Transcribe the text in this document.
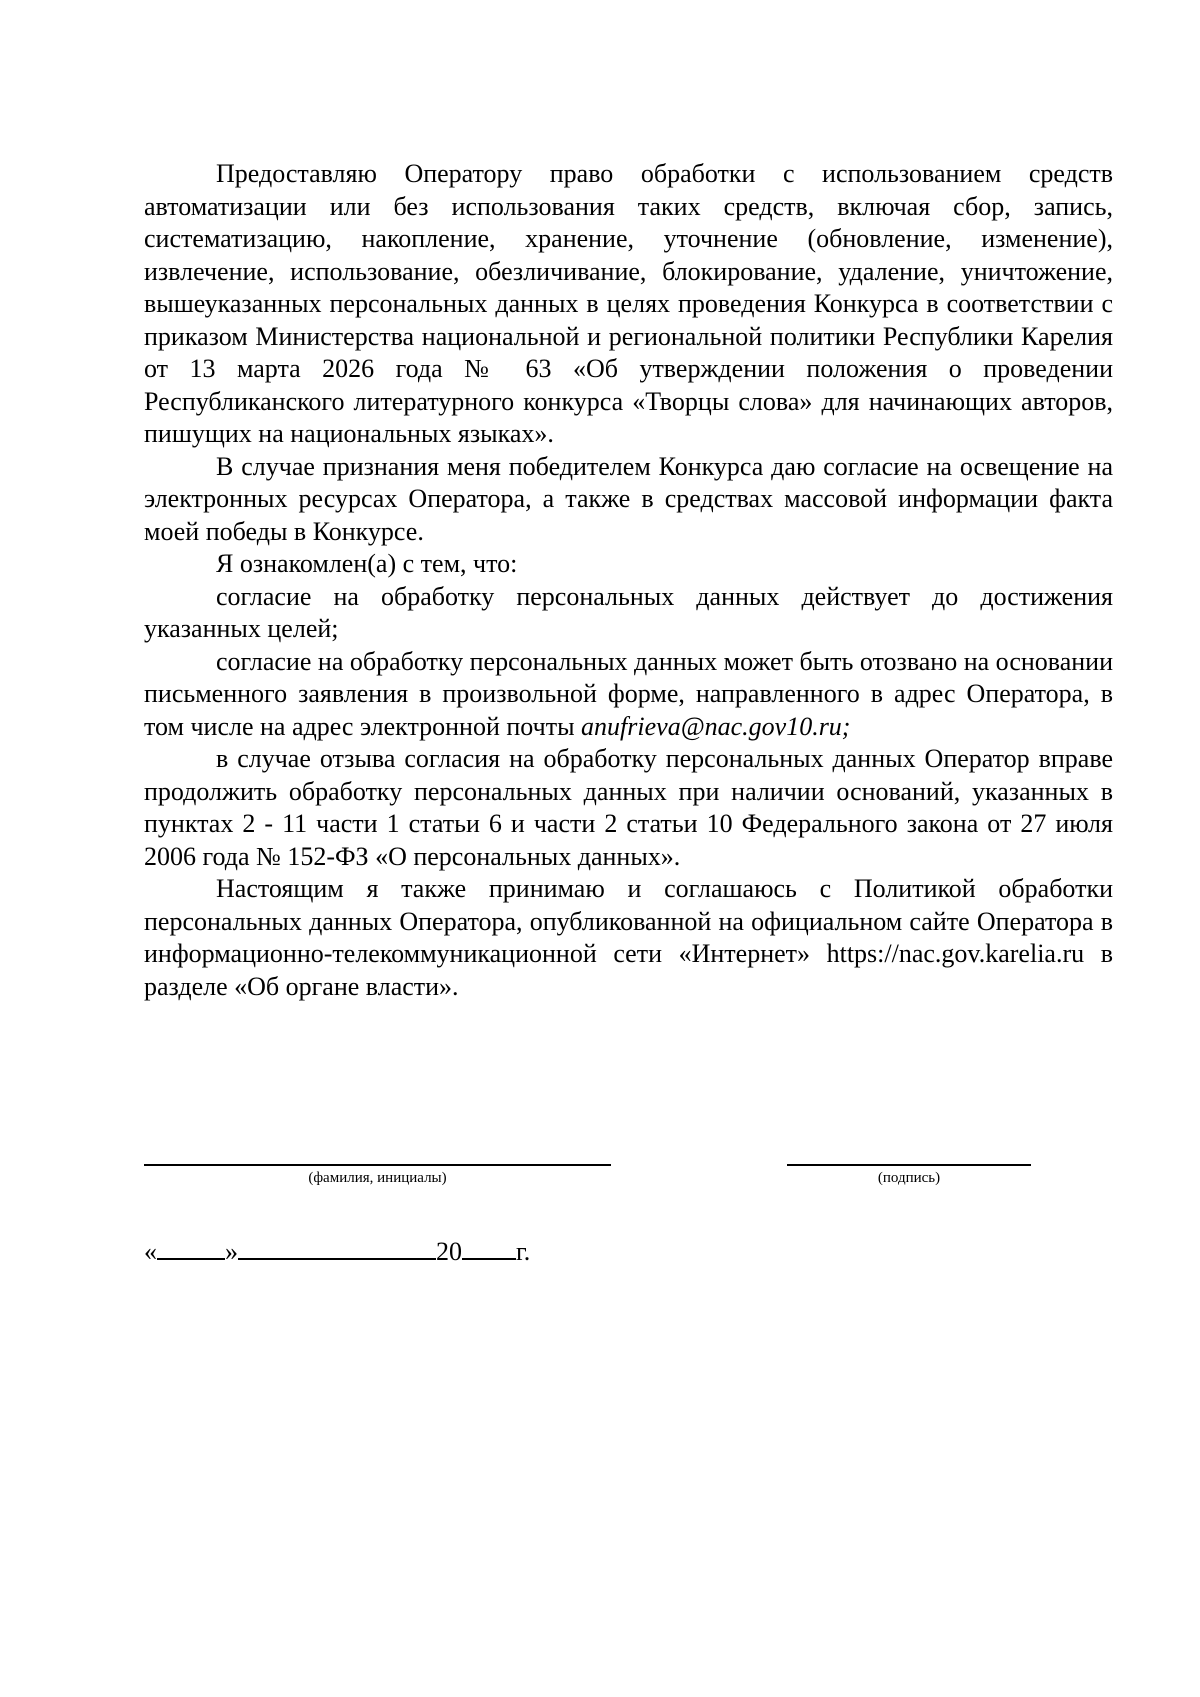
Предоставляю Оператору право обработки с использованием средств автоматизации или без использования таких средств, включая сбор, запись, систематизацию, накопление, хранение, уточнение (обновление, изменение), извлечение, использование, обезличивание, блокирование, удаление, уничтожение, вышеуказанных персональных данных в целях проведения Конкурса в соответствии с приказом Министерства национальной и региональной политики Республики Карелия от 13 марта 2026 года № 63 «Об утверждении положения о проведении Республиканского литературного конкурса «Творцы слова» для начинающих авторов, пишущих на национальных языках».

В случае признания меня победителем Конкурса даю согласие на освещение на электронных ресурсах Оператора, а также в средствах массовой информации факта моей победы в Конкурсе.

Я ознакомлен(а) с тем, что:

согласие на обработку персональных данных действует до достижения указанных целей;

согласие на обработку персональных данных может быть отозвано на основании письменного заявления в произвольной форме, направленного в адрес Оператора, в том числе на адрес электронной почты anufrieva@nac.gov10.ru;

в случае отзыва согласия на обработку персональных данных Оператор вправе продолжить обработку персональных данных при наличии оснований, указанных в пунктах 2 - 11 части 1 статьи 6 и части 2 статьи 10 Федерального закона от 27 июля 2006 года № 152-ФЗ «О персональных данных».

Настоящим я также принимаю и соглашаюсь с Политикой обработки персональных данных Оператора, опубликованной на официальном сайте Оператора в информационно-телекоммуникационной сети «Интернет» https://nac.gov.karelia.ru в разделе «Об органе власти».

(фамилия, инициалы)	(подпись)
«	»	20 г.
